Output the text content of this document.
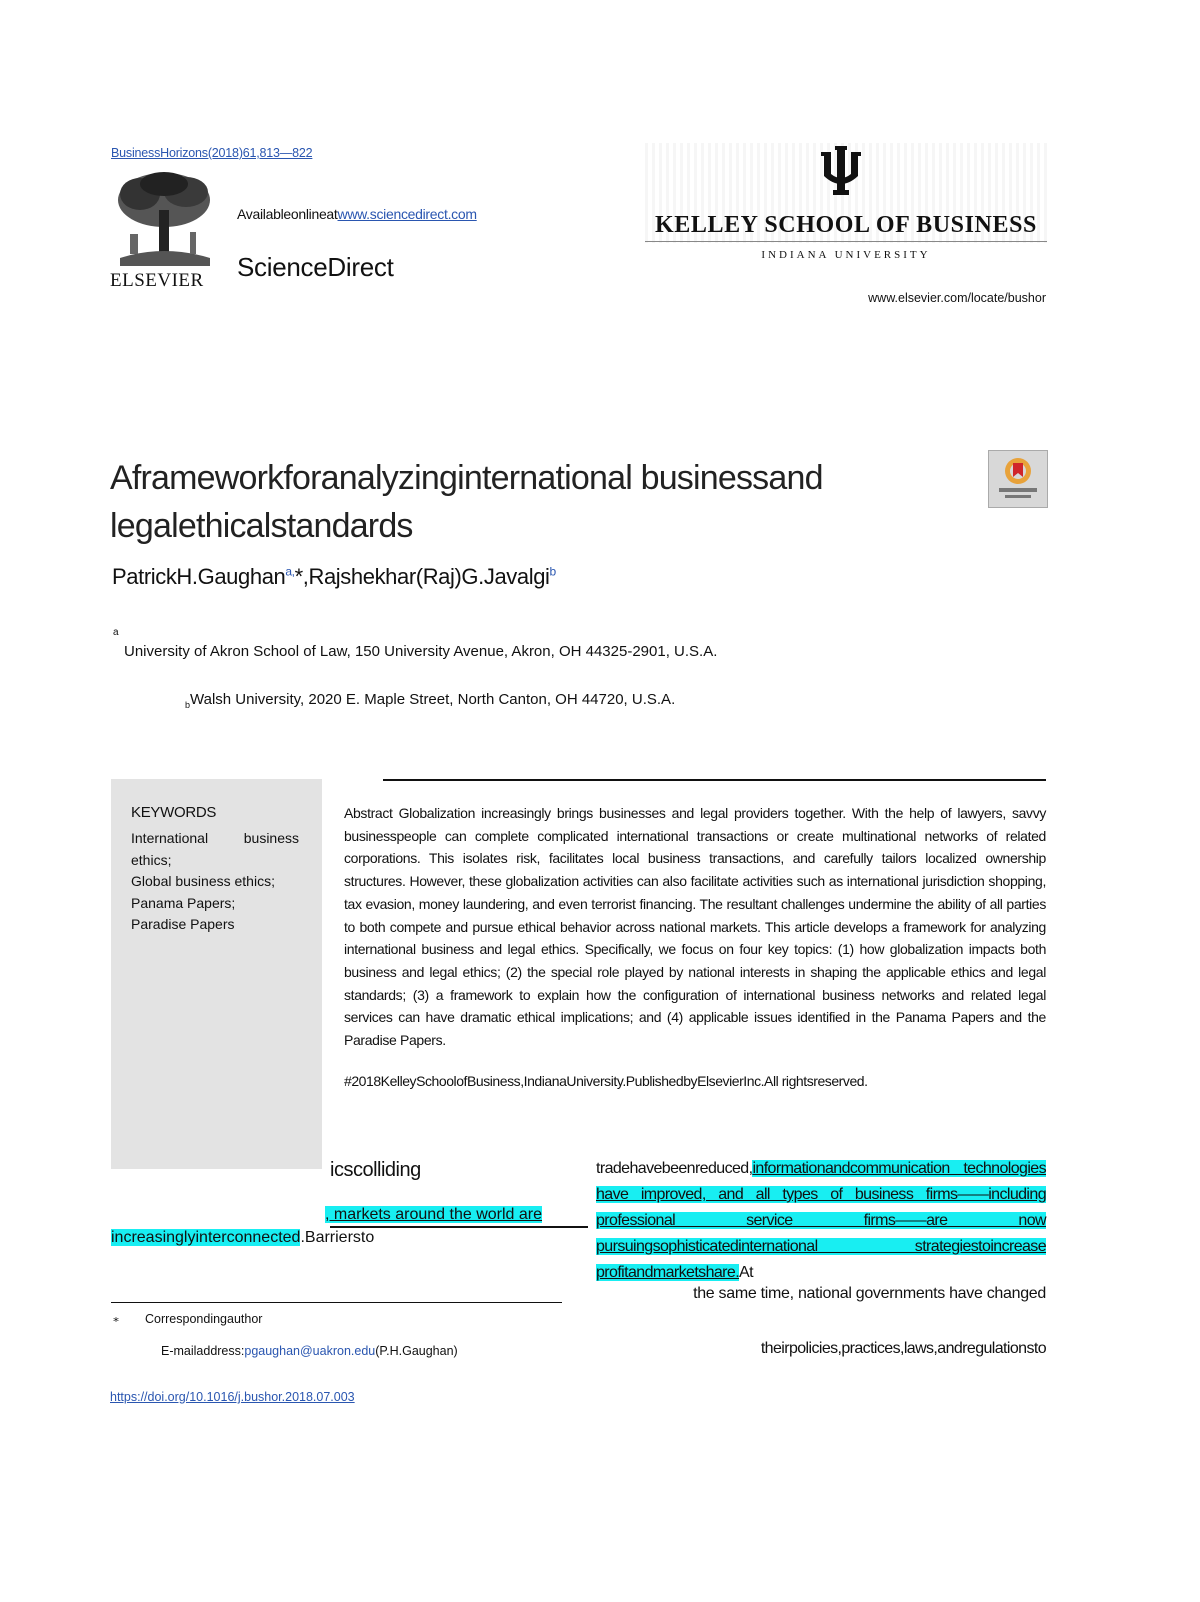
BusinessHorizons(2018)61,813—822
ELSEVIER
Availableonlineatwww.sciencedirect.com
ScienceDirect
KELLEY SCHOOL OF BUSINESS
INDIANA UNIVERSITY
www.elsevier.com/locate/bushor
Aframeworkforanalyzinginternational businessand
legalethicalstandards
PatrickH.Gaughan$^{a,}$*,Rajshekhar(Raj)G.Javalgi$^b$
a
University of Akron School of Law, 150 University Avenue, Akron, OH 44325-2901, U.S.A.
$_b$Walsh University, 2020 E. Maple Street, North Canton, OH 44720, U.S.A.
KEYWORDS
International business ethics;
Global business ethics;
Panama Papers;
Paradise Papers
Abstract Globalization increasingly brings businesses and legal providers together. With the help of lawyers, savvy businesspeople can complete complicated international transactions or create multinational networks of related corporations. This isolates risk, facilitates local business transactions, and carefully tailors localized ownership structures. However, these globalization activities can also facilitate activities such as international jurisdiction shopping, tax evasion, money laundering, and even terrorist financing. The resultant challenges undermine the ability of all parties to both compete and pursue ethical behavior across national markets. This article develops a framework for analyzing international business and legal ethics. Specifically, we focus on four key topics: (1) how globalization impacts both business and legal ethics; (2) the special role played by national interests in shaping the applicable ethics and legal standards; (3) a framework to explain how the configuration of international business networks and related legal services can have dramatic ethical implications; and (4) applicable issues identified in the Panama Papers and the Paradise Papers.
#2018KelleySchoolofBusiness,IndianaUniversity.PublishedbyElsevierInc.All rightsreserved.
icscolliding
, markets around the world are
increasinglyinterconnected.Barriersto
tradehavebeenreduced,informationandcommunication technologies have improved, and all types of business firms——including professional service firms——are now pursuingsophisticatedinternational strategiestoincrease profitandmarketshare.At
the same time, national governments have changed
theirpolicies,practices,laws,andregulationsto
⁎ Correspondingauthor
E-mailaddress:pgaughan@uakron.edu(P.H.Gaughan)
https://doi.org/10.1016/j.bushor.2018.07.003
